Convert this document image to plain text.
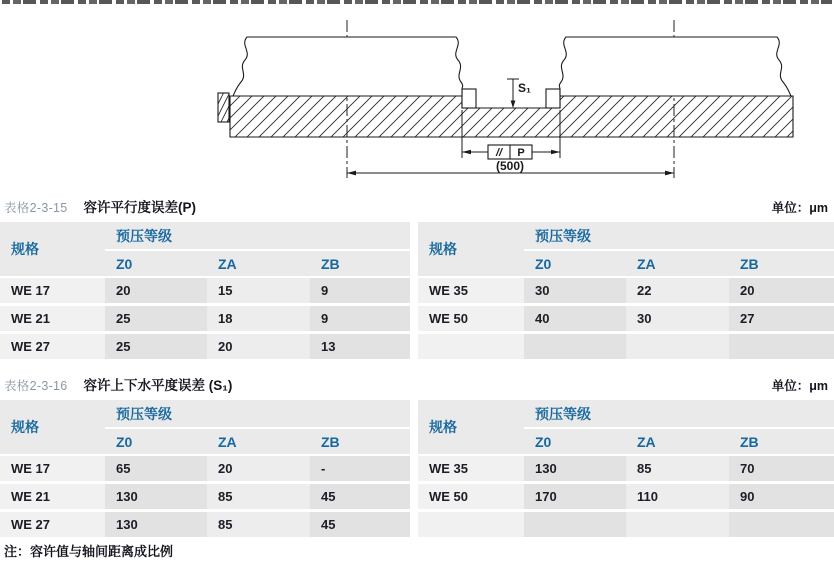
S₁
// P
(500)
表格2-3-15 容许平行度误差(P)	单位：μm
规格
预压等级
Z0	ZA	ZB
WE 17	20	15	9
WE 21	25	18	9
WE 27	25	20	13
规格
预压等级
Z0	ZA	ZB
WE 35	30	22	20
WE 50	40	30	27
表格2-3-16 容许上下水平度误差 (S₁)	单位：μm
规格
预压等级
Z0	ZA	ZB
WE 17	65	20	-
WE 21	130	85	45
WE 27	130	85	45
规格
预压等级
Z0	ZA	ZB
WE 35	130	85	70
WE 50	170	110	90
注：容许值与轴间距离成比例
